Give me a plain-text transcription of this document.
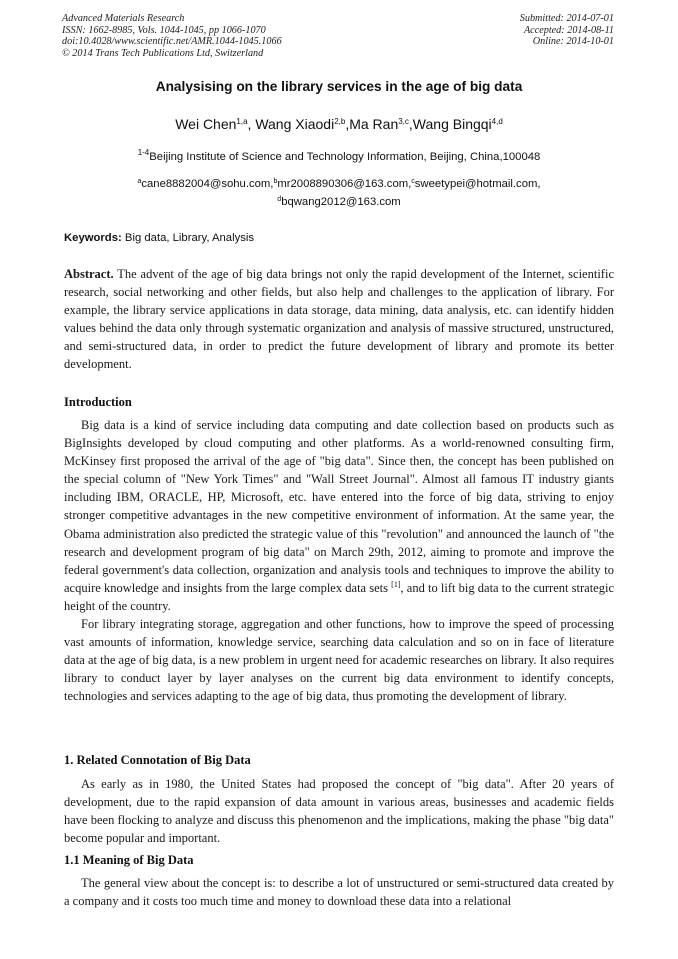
Advanced Materials Research
ISSN: 1662-8985, Vols. 1044-1045, pp 1066-1070
doi:10.4028/www.scientific.net/AMR.1044-1045.1066
© 2014 Trans Tech Publications Ltd, Switzerland
Submitted: 2014-07-01
Accepted: 2014-08-11
Online: 2014-10-01
Analysising on the library services in the age of big data
Wei Chen$^{1,a}$, Wang Xiaodi$^{2,b}$,Ma Ran$^{3,c}$,Wang Bingqi$^{4,d}$
$^{1-4}$Beijing Institute of Science and Technology Information, Beijing, China,100048
$^a$cane8882004@sohu.com,$^b$mr2008890306@163.com,$^c$sweetypei@hotmail.com,
$^d$bqwang2012@163.com
Keywords: Big data, Library, Analysis

Abstract. The advent of the age of big data brings not only the rapid development of the Internet, scientific research, social networking and other fields, but also help and challenges to the application of library. For example, the library service applications in data storage, data mining, data analysis, etc. can identify hidden values behind the data only through systematic organization and analysis of massive structured, unstructured, and semi-structured data, in order to predict the future development of library and promote its better development.

Introduction

Big data is a kind of service including data computing and date collection based on products such as BigInsights developed by cloud computing and other platforms. As a world-renowned consulting firm, McKinsey first proposed the arrival of the age of "big data". Since then, the concept has been published on the special column of "New York Times" and "Wall Street Journal". Almost all famous IT industry giants including IBM, ORACLE, HP, Microsoft, etc. have entered into the force of big data, striving to enjoy stronger competitive advantages in the new competitive environment of information. At the same year, the Obama administration also predicted the strategic value of this "revolution" and announced the launch of "the research and development program of big data" on March 29th, 2012, aiming to promote and improve the federal government's data collection, organization and analysis tools and techniques to improve the ability to acquire knowledge and insights from the large complex data sets [1], and to lift big data to the current strategic height of the country.

For library integrating storage, aggregation and other functions, how to improve the speed of processing vast amounts of information, knowledge service, searching data calculation and so on in face of literature data at the age of big data, is a new problem in urgent need for academic researches on library. It also requires library to conduct layer by layer analyses on the current big data environment to identify concepts, technologies and services adapting to the age of big data, thus promoting the development of library.

1. Related Connotation of Big Data

As early as in 1980, the United States had proposed the concept of "big data". After 20 years of development, due to the rapid expansion of data amount in various areas, businesses and academic fields have been flocking to analyze and discuss this phenomenon and the implications, making the phase "big data" become popular and important.

1.1 Meaning of Big Data

The general view about the concept is: to describe a lot of unstructured or semi-structured data created by a company and it costs too much time and money to download these data into a relational
